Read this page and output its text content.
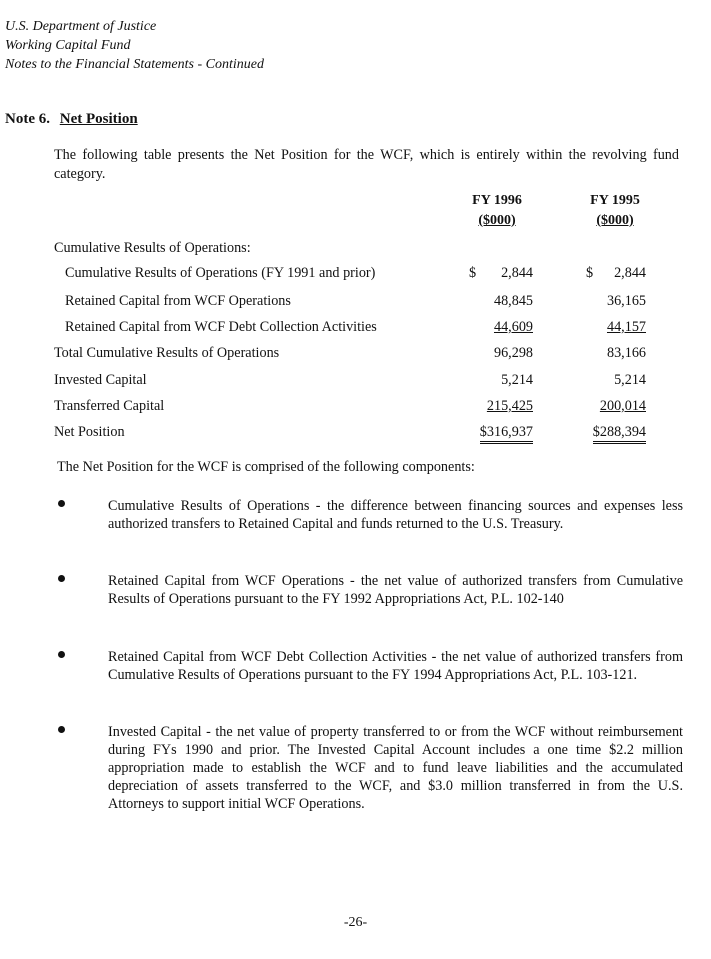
U.S. Department of Justice
Working Capital Fund
Notes to the Financial Statements - Continued
Note 6. Net Position
The following table presents the Net Position for the WCF, which is entirely within the revolving fund category.
FY 1996
($000)
FY 1995
($000)
Cumulative Results of Operations:
Cumulative Results of Operations (FY 1991 and prior)	$ 2,844	$ 2,844
Retained Capital from WCF Operations	48,845	36,165
Retained Capital from WCF Debt Collection Activities	44,609	44,157
Total Cumulative Results of Operations	96,298	83,166
Invested Capital	5,214	5,214
Transferred Capital	215,425	200,014
Net Position	$316,937	$288,394
The Net Position for the WCF is comprised of the following components:
Cumulative Results of Operations - the difference between financing sources and expenses less authorized transfers to Retained Capital and funds returned to the U.S. Treasury.
Retained Capital from WCF Operations - the net value of authorized transfers from Cumulative Results of Operations pursuant to the FY 1992 Appropriations Act, P.L. 102-140
Retained Capital from WCF Debt Collection Activities - the net value of authorized transfers from Cumulative Results of Operations pursuant to the FY 1994 Appropriations Act, P.L. 103-121.
Invested Capital - the net value of property transferred to or from the WCF without reimbursement during FYs 1990 and prior. The Invested Capital Account includes a one time $2.2 million appropriation made to establish the WCF and to fund leave liabilities and the accumulated depreciation of assets transferred to the WCF, and $3.0 million transferred in from the U.S. Attorneys to support initial WCF Operations.
-26-
